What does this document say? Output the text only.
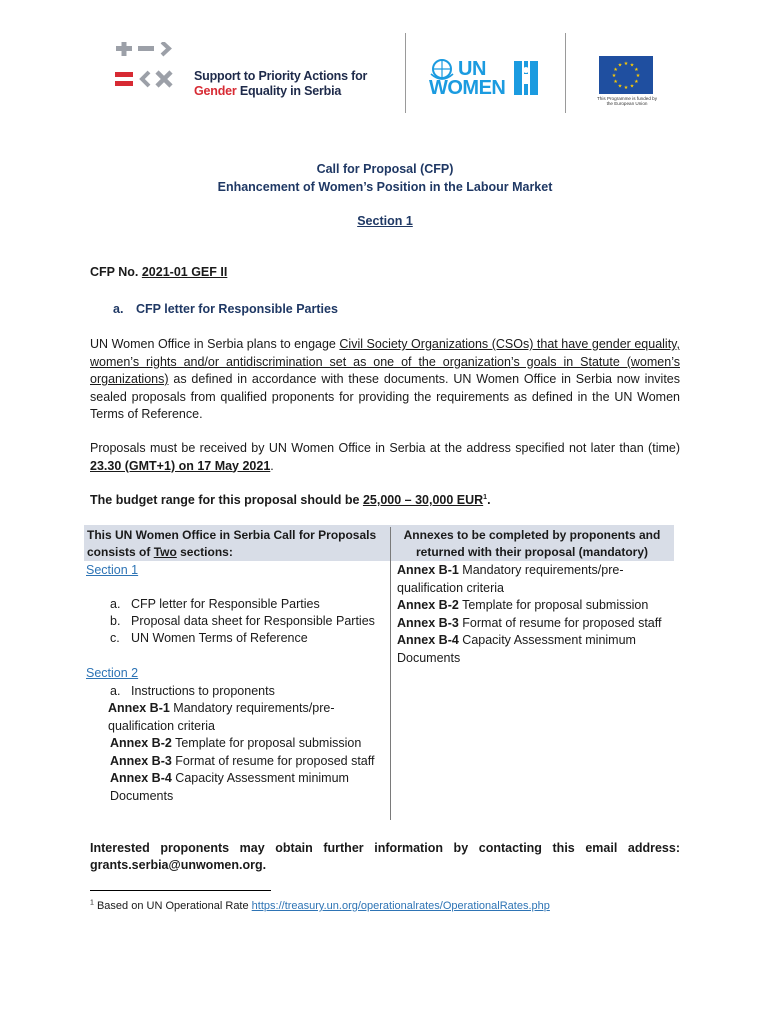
Support to Priority Actions for
Gender Equality in Serbia
UN
WOMEN
★
★
★
★
★
★
★
★
★ ★ ★
★
This Programme is funded by the European Union
Call for Proposal (CFP)
Enhancement of Women’s Position in the Labour Market
Section 1
CFP No. 2021-01 GEF II
a. CFP letter for Responsible Parties
UN Women Office in Serbia plans to engage Civil Society Organizations (CSOs) that have gender equality, women’s rights and/or antidiscrimination set as one of the organization’s goals in Statute (women’s organizations) as defined in accordance with these documents. UN Women Office in Serbia now invites sealed proposals from qualified proponents for providing the requirements as defined in the UN Women Terms of Reference.
Proposals must be received by UN Women Office in Serbia at the address specified not later than (time) 23.30 (GMT+1) on 17 May 2021.
The budget range for this proposal should be 25,000 – 30,000 EUR$^1$.
This UN Women Office in Serbia Call for Proposals consists of Two sections:
Annexes to be completed by proponents and returned with their proposal (mandatory)
Section 1
a. CFP letter for Responsible Parties
b. Proposal data sheet for Responsible Parties
c. UN Women Terms of Reference
Section 2
a. Instructions to proponents
Annex B-1 Mandatory requirements/pre-qualification criteria
Annex B-2 Template for proposal submission
Annex B-3 Format of resume for proposed staff
Annex B-4 Capacity Assessment minimum Documents
Annex B-1 Mandatory requirements/pre-qualification criteria
Annex B-2 Template for proposal submission
Annex B-3 Format of resume for proposed staff
Annex B-4 Capacity Assessment minimum Documents
Interested proponents may obtain further information by contacting this email address:
grants.serbia@unwomen.org.
$^1$ Based on UN Operational Rate https://treasury.un.org/operationalrates/OperationalRates.php
